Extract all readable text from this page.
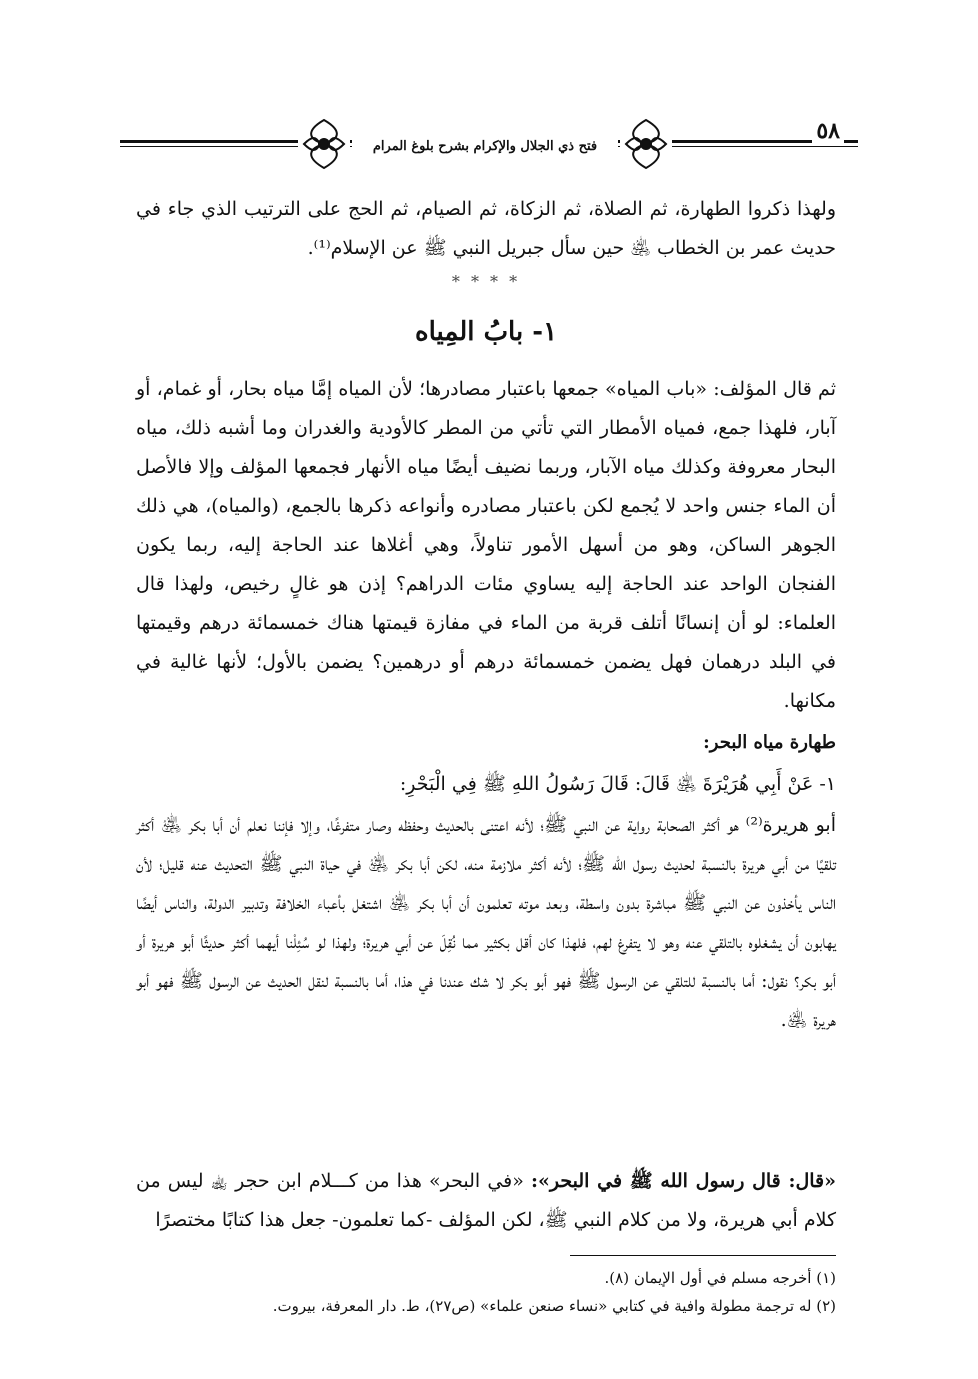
فتح ذي الجلال والإكرام بشرح بلوغ المرام
٥٨

ولهذا ذكروا الطهارة، ثم الصلاة، ثم الزكاة، ثم الصيام، ثم الحج على الترتيب الذي جاء في حديث عمر بن الخطاب ﵁ حين سأل جبريل النبي ﷺ عن الإسلام⁽¹⁾.

* * * *
١- بابُ المِياه

ثم قال المؤلف: «باب المياه» جمعها باعتبار مصادرها؛ لأن المياه إمَّا مياه بحار، أو غمام، أو آبار، فلهذا جمع، فمياه الأمطار التي تأتي من المطر كالأودية والغدران وما أشبه ذلك، مياه البحار معروفة وكذلك مياه الآبار، وربما نضيف أيضًا مياه الأنهار فجمعها المؤلف وإلا فالأصل أن الماء جنس واحد لا يُجمع لكن باعتبار مصادره وأنواعه ذكرها بالجمع، (والمياه)، هي ذلك الجوهر الساكن، وهو من أسهل الأمور تناولاً، وهي أغلاها عند الحاجة إليه، ربما يكون الفنجان الواحد عند الحاجة إليه يساوي مئات الدراهم؟ إذن هو غالٍ رخيص، ولهذا قال العلماء: لو أن إنسانًا أتلف قربة من الماء في مفازة قيمتها هناك خمسمائة درهم وقيمتها في البلد درهمان فهل يضمن خمسمائة درهم أو درهمين؟ يضمن بالأول؛ لأنها غالية في مكانها.

طهارة مياه البحر:
١- عَنْ أَبِي هُرَيْرَةَ ﵁ قَالَ: قَالَ رَسُولُ اللهِ ﷺ فِي الْبَحْرِ:

أبو هريرة⁽²⁾ هو أكثر الصحابة رواية عن النبي ﷺ؛ لأنه اعتنى بالحديث وحفظه وصار متفرغًا، وإلا فإننا نعلم أن أبا بكر ﵁ أكثر تلقيًا من أبي هريرة بالنسبة لحديث رسول الله ﷺ؛ لأنه أكثر ملازمة منه، لكن أبا بكر ﵁ في حياة النبي ﷺ التحديث عنه قليل؛ لأن الناس يأخذون عن النبي ﷺ مباشرة بدون واسطة، وبعد موته تعلمون أن أبا بكر ﵁ اشتغل بأعباء الخلافة وتدبير الدولة، والناس أيضًا يهابون أن يشغلوه بالتلقي عنه وهو لا يتفرغ لهم، فلهذا كان أقل بكثير مما نُقِلَ عن أبي هريرة؛ ولهذا لو سُئِلْنا أيهما أكثر حديثًا أبو هريرة أو أبو بكر؟ نقول: أما بالنسبة للتلقي عن الرسول ﷺ فهو أبو بكر لا شك عندنا في هذا، أما بالنسبة لنقل الحديث عن الرسول ﷺ فهو أبو هريرة ﵁.

«قال: قال رسول الله ﷺ في البحر»: «في البحر» هذا من كـــلام ابن حجر ﵀ ليس من كلام أبي هريرة، ولا من كلام النبي ﷺ، لكن المؤلف -كما تعلمون- جعل هذا كتابًا مختصرًا

(١) أخرجه مسلم في أول الإيمان (٨).
(٢) له ترجمة مطولة وافية في كتابي «نساء صنعن علماء» (ص٢٧)، ط. دار المعرفة، بيروت.
